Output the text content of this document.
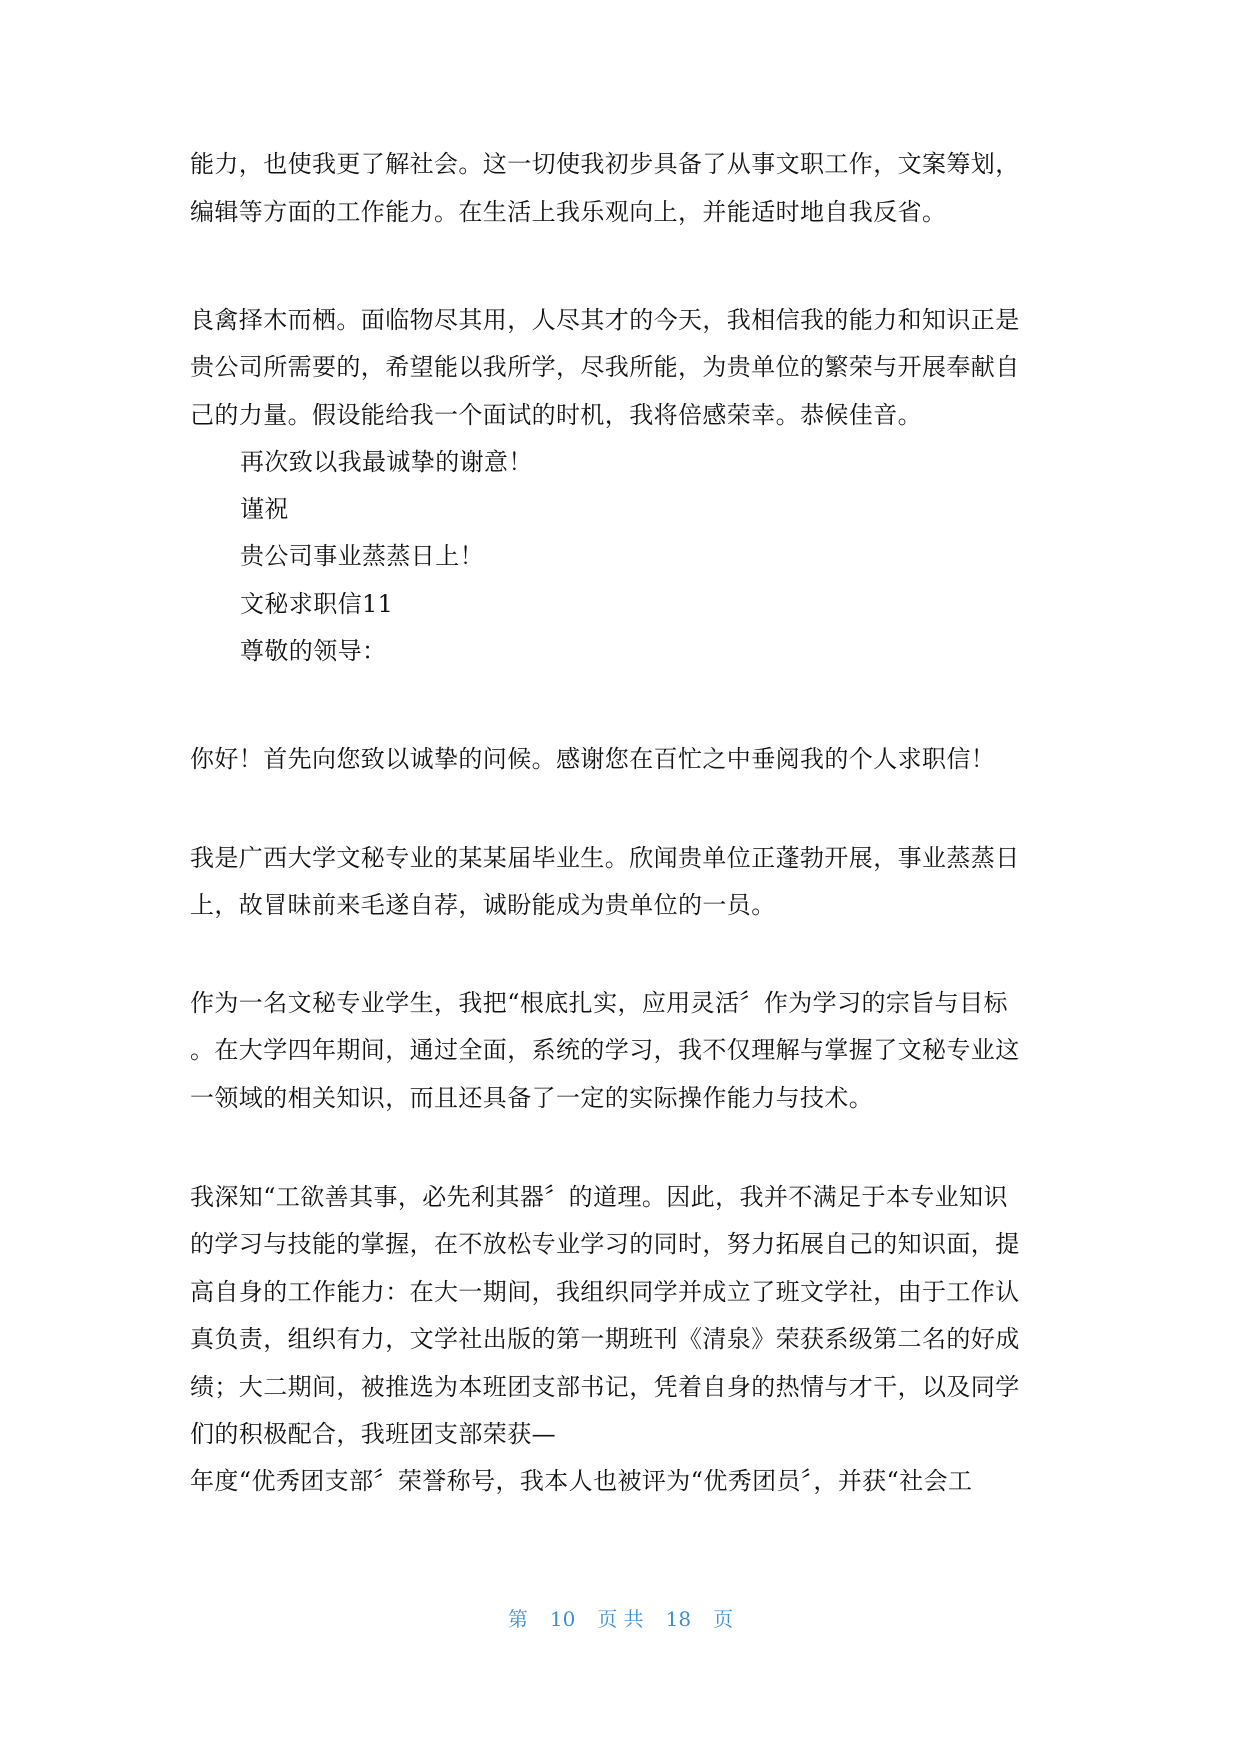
能力，也使我更了解社会。这一切使我初步具备了从事文职工作，文案筹划，
编辑等方面的工作能力。在生活上我乐观向上，并能适时地自我反省。
良禽择木而栖。面临物尽其用，人尽其才的今天，我相信我的能力和知识正是
贵公司所需要的，希望能以我所学，尽我所能，为贵单位的繁荣与开展奉献自
己的力量。假设能给我一个面试的时机，我将倍感荣幸。恭候佳音。
再次致以我最诚挚的谢意！
谨祝
贵公司事业蒸蒸日上！
文秘求职信11
尊敬的领导：
你好！首先向您致以诚挚的问候。感谢您在百忙之中垂阅我的个人求职信！
我是广西大学文秘专业的某某届毕业生。欣闻贵单位正蓬勃开展，事业蒸蒸日
上，故冒昧前来毛遂自荐，诚盼能成为贵单位的一员。
作为一名文秘专业学生，我把“根底扎实，应用灵活〞作为学习的宗旨与目标
。在大学四年期间，通过全面，系统的学习，我不仅理解与掌握了文秘专业这
一领域的相关知识，而且还具备了一定的实际操作能力与技术。
我深知“工欲善其事，必先利其器〞的道理。因此，我并不满足于本专业知识
的学习与技能的掌握，在不放松专业学习的同时，努力拓展自己的知识面，提
高自身的工作能力：在大一期间，我组织同学并成立了班文学社，由于工作认
真负责，组织有力，文学社出版的第一期班刊《清泉》荣获系级第二名的好成
绩；大二期间，被推选为本班团支部书记，凭着自身的热情与才干，以及同学
们的积极配合，我班团支部荣获—
年度“优秀团支部〞荣誉称号，我本人也被评为“优秀团员〞，并获“社会工
第 10 页 共 18 页
